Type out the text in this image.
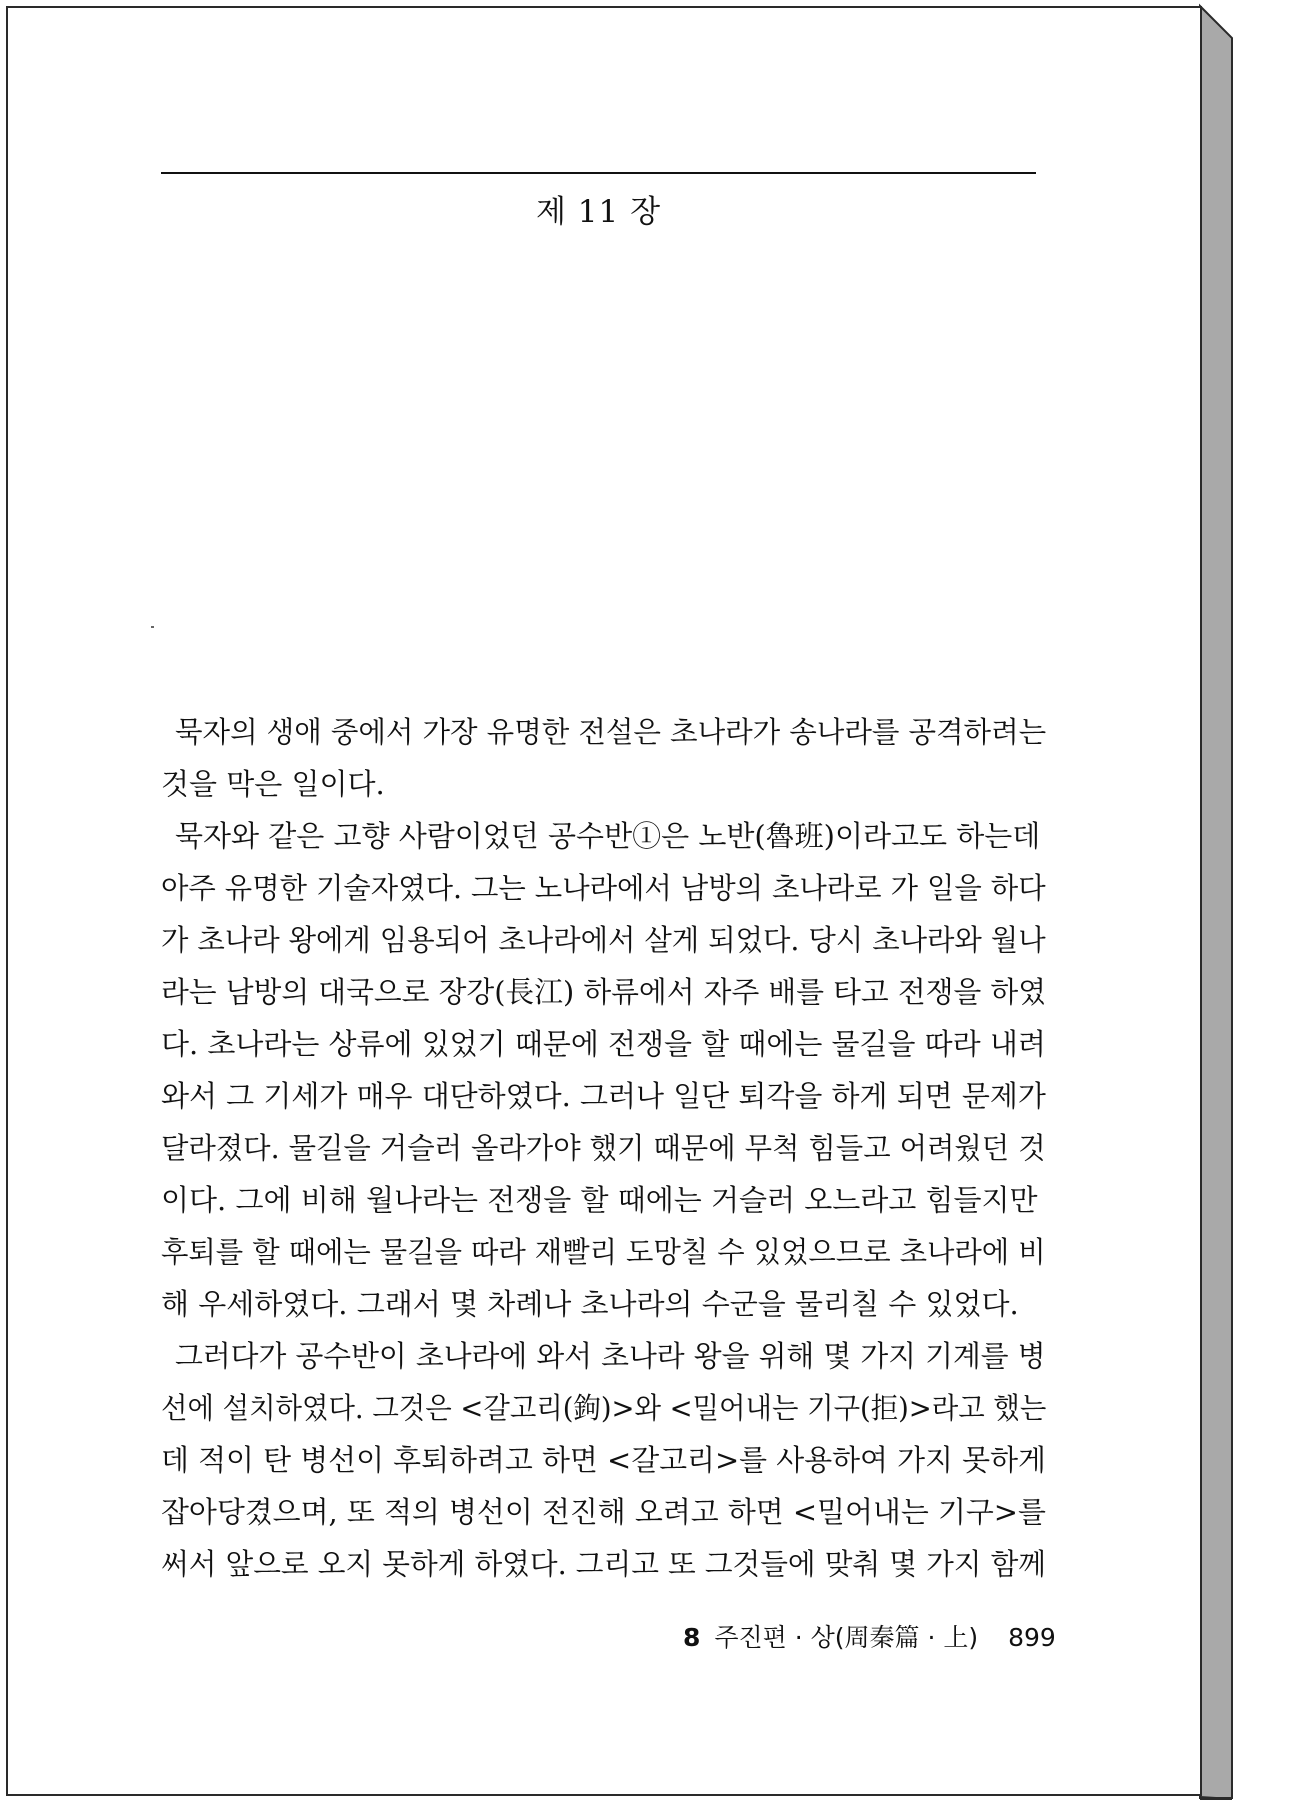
제 11 장
묵자의 생애 중에서 가장 유명한 전설은 초나라가 송나라를 공격하려는
것을 막은 일이다.
묵자와 같은 고향 사람이었던 공수반①은 노반(魯班)이라고도 하는데
아주 유명한 기술자였다. 그는 노나라에서 남방의 초나라로 가 일을 하다
가 초나라 왕에게 임용되어 초나라에서 살게 되었다. 당시 초나라와 월나
라는 남방의 대국으로 장강(長江) 하류에서 자주 배를 타고 전쟁을 하였
다. 초나라는 상류에 있었기 때문에 전쟁을 할 때에는 물길을 따라 내려
와서 그 기세가 매우 대단하였다. 그러나 일단 퇴각을 하게 되면 문제가
달라졌다. 물길을 거슬러 올라가야 했기 때문에 무척 힘들고 어려웠던 것
이다. 그에 비해 월나라는 전쟁을 할 때에는 거슬러 오느라고 힘들지만
후퇴를 할 때에는 물길을 따라 재빨리 도망칠 수 있었으므로 초나라에 비
해 우세하였다. 그래서 몇 차례나 초나라의 수군을 물리칠 수 있었다.
그러다가 공수반이 초나라에 와서 초나라 왕을 위해 몇 가지 기계를 병
선에 설치하였다. 그것은 <갈고리(鉤)>와 <밀어내는 기구(拒)>라고 했는
데 적이 탄 병선이 후퇴하려고 하면 <갈고리>를 사용하여 가지 못하게
잡아당겼으며, 또 적의 병선이 전진해 오려고 하면 <밀어내는 기구>를
써서 앞으로 오지 못하게 하였다. 그리고 또 그것들에 맞춰 몇 가지 함께
8 주진편 · 상(周秦篇 · 上) 899
